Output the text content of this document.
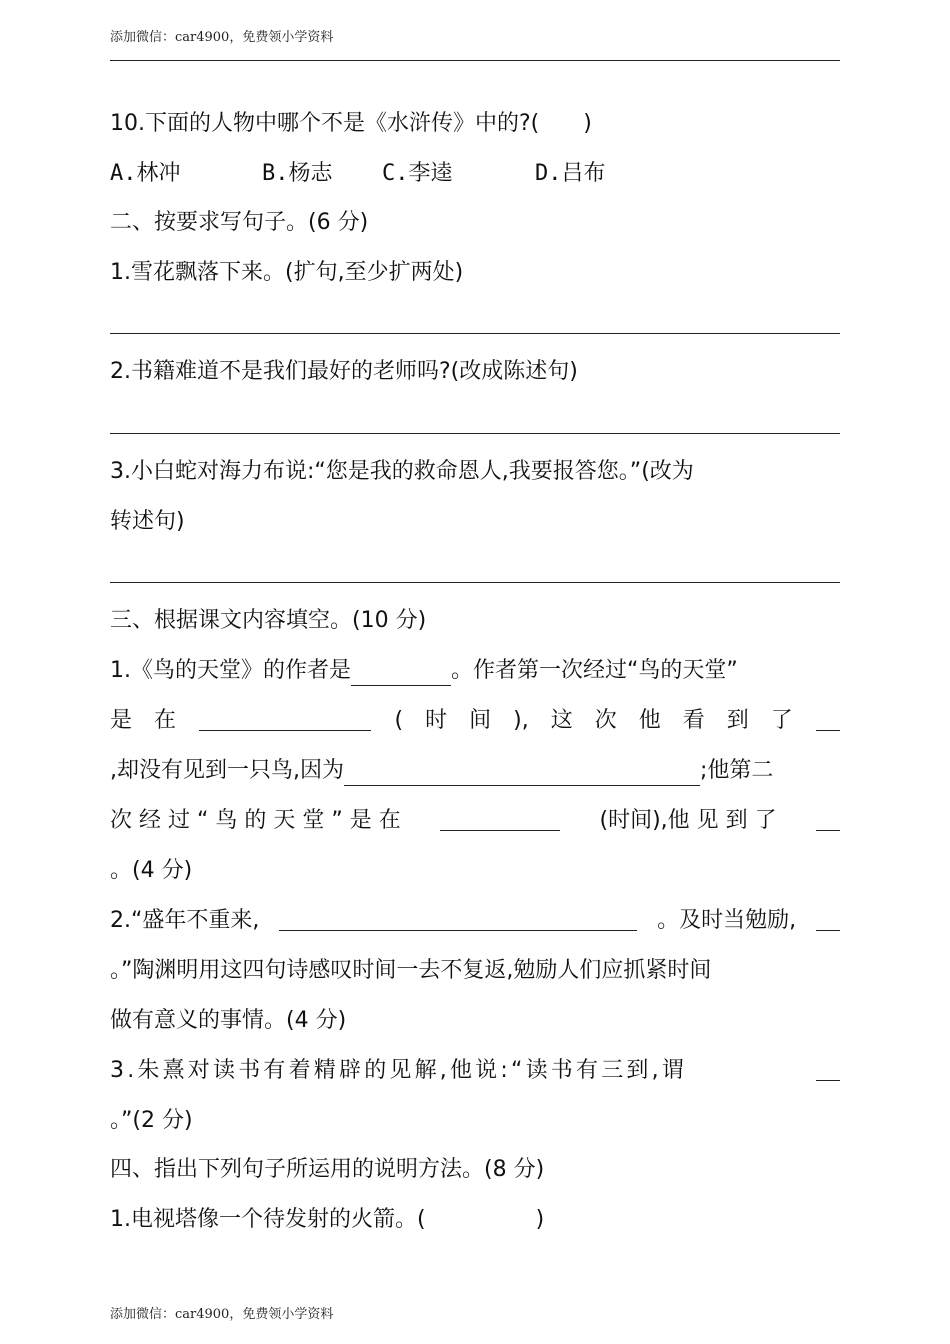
添加微信：car4900，免费领小学资料
10.下面的人物中哪个不是《水浒传》中的?(　　)
A.林冲	B.杨志 C.李逵	D.吕布
二、按要求写句子。(6 分)
1.雪花飘落下来。(扩句,至少扩两处)
2.书籍难道不是我们最好的老师吗?(改成陈述句)
3.小白蛇对海力布说:“您是我的救命恩人,我要报答您。”(改为
转述句)
三、根据课文内容填空。(10 分)
1.《鸟的天堂》的作者是	。作者第一次经过“鸟的天堂”
是　在	(　时　间　),　这　次　他　看　到　了
,却没有见到一只鸟,因为	;他第二
次 经 过 “ 鸟 的 天 堂 ” 是 在	(时间),他 见 到 了
。(4 分)
2.“盛年不重来,	。及时当勉励,
。”陶渊明用这四句诗感叹时间一去不复返,勉励人们应抓紧时间
做有意义的事情。(4 分)
3.朱熹对读书有着精辟的见解,他说:“读书有三到,谓
。”(2 分)
四、指出下列句子所运用的说明方法。(8 分)
1.电视塔像一个待发射的火箭。(　　　　　)
添加微信：car4900，免费领小学资料
